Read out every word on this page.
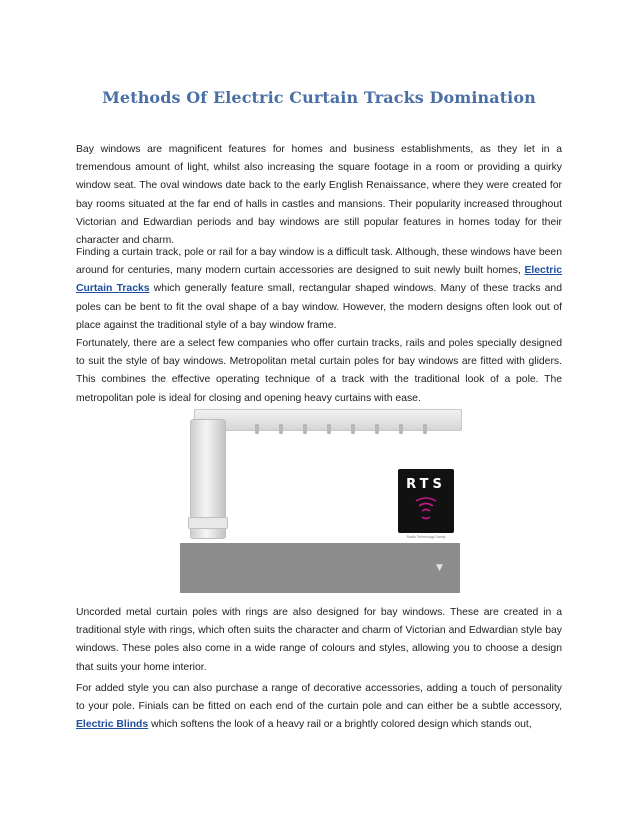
Methods Of Electric Curtain Tracks Domination

Bay windows are magnificent features for homes and business establishments, as they let in a tremendous amount of light, whilst also increasing the square footage in a room or providing a quirky window seat. The oval windows date back to the early English Renaissance, where they were created for bay rooms situated at the far end of halls in castles and mansions. Their popularity increased throughout Victorian and Edwardian periods and bay windows are still popular features in homes today for their character and charm.

Finding a curtain track, pole or rail for a bay window is a difficult task. Although, these windows have been around for centuries, many modern curtain accessories are designed to suit newly built homes, Electric Curtain Tracks which generally feature small, rectangular shaped windows. Many of these tracks and poles can be bent to fit the oval shape of a bay window. However, the modern designs often look out of place against the traditional style of a bay window frame.

Fortunately, there are a select few companies who offer curtain tracks, rails and poles specially designed to suit the style of bay windows. Metropolitan metal curtain poles for bay windows are fitted with gliders. This combines the effective operating technique of a track with the traditional look of a pole. The metropolitan pole is ideal for closing and opening heavy curtains with ease.

RTS
Radio Technology Somfy
▼

Uncorded metal curtain poles with rings are also designed for bay windows. These are created in a traditional style with rings, which often suits the character and charm of Victorian and Edwardian style bay windows. These poles also come in a wide range of colours and styles, allowing you to choose a design that suits your home interior.

For added style you can also purchase a range of decorative accessories, adding a touch of personality to your pole. Finials can be fitted on each end of the curtain pole and can either be a subtle accessory, Electric Blinds which softens the look of a heavy rail or a brightly colored design which stands out,
